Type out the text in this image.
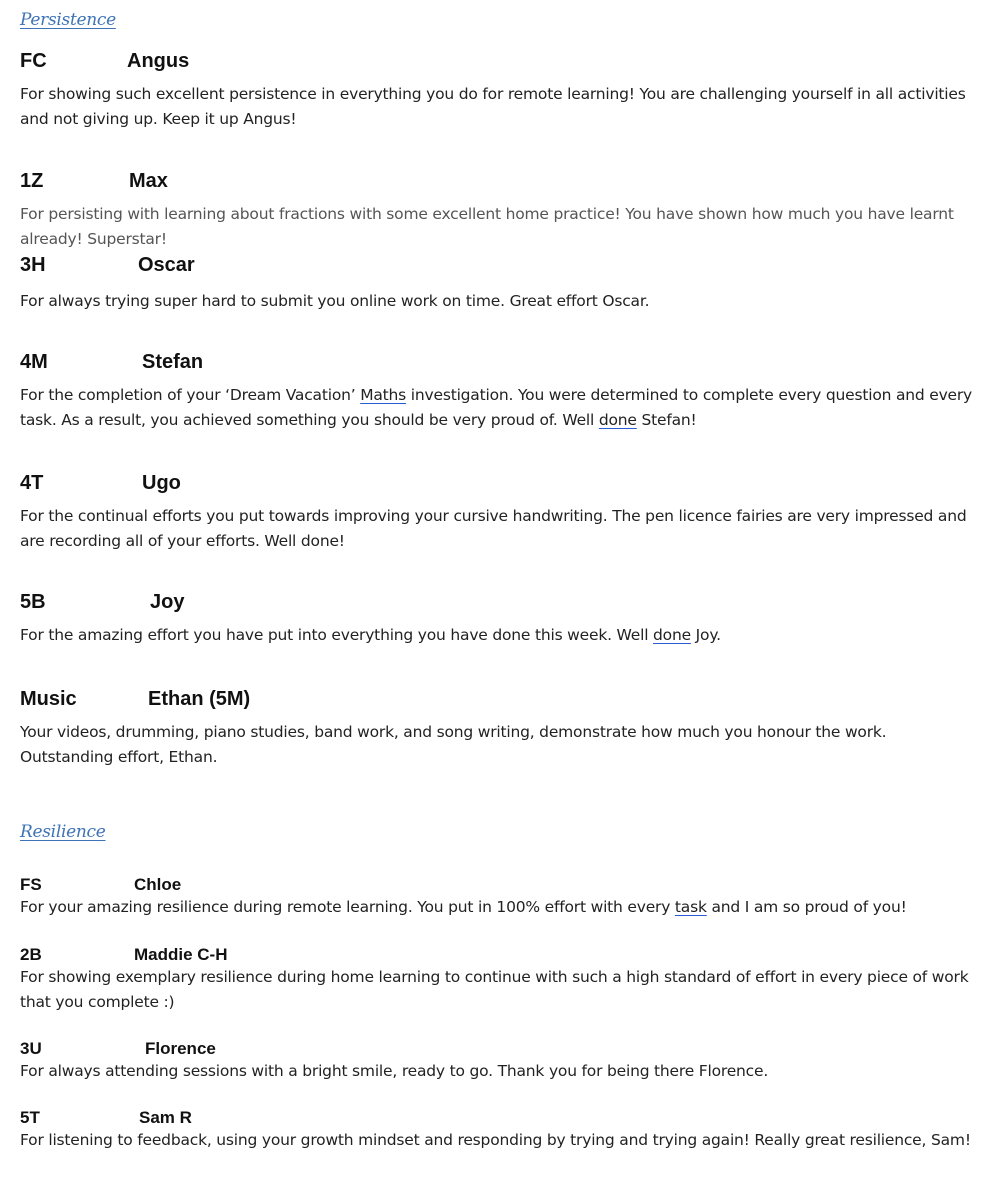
Persistence
FC	Angus
For showing such excellent persistence in everything you do for remote learning! You are challenging yourself in all activities and not giving up. Keep it up Angus!
1Z	Max
For persisting with learning about fractions with some excellent home practice! You have shown how much you have learnt already! Superstar!
3H	Oscar
For always trying super hard to submit you online work on time. Great effort Oscar.
4M	Stefan
For the completion of your ‘Dream Vacation’ Maths investigation. You were determined to complete every question and every task. As a result, you achieved something you should be very proud of. Well done Stefan!
4T	Ugo
For the continual efforts you put towards improving your cursive handwriting. The pen licence fairies are very impressed and are recording all of your efforts. Well done!
5B	Joy
For the amazing effort you have put into everything you have done this week. Well done Joy.
Music	Ethan (5M)
Your videos, drumming, piano studies, band work, and song writing, demonstrate how much you honour the work. Outstanding effort, Ethan.
Resilience
FS	Chloe
For your amazing resilience during remote learning. You put in 100% effort with every task and I am so proud of you!
2B	Maddie C-H
For showing exemplary resilience during home learning to continue with such a high standard of effort in every piece of work that you complete :)
3U	Florence
For always attending sessions with a bright smile, ready to go. Thank you for being there Florence.
5T	Sam R
For listening to feedback, using your growth mindset and responding by trying and trying again! Really great resilience, Sam!
